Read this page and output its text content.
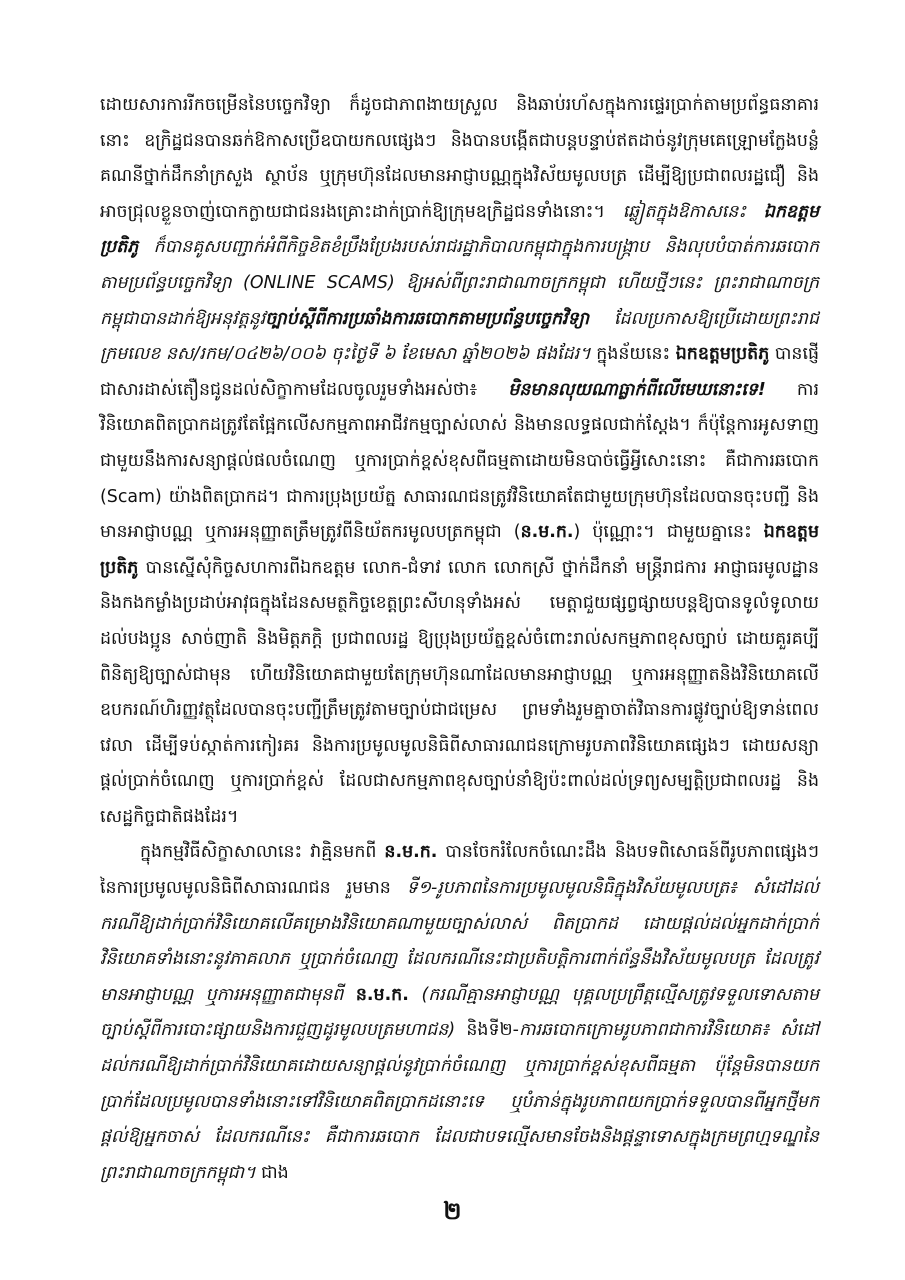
ដោយសារការរីកចម្រើននៃបច្ចេកវិទ្យា ក៏ដូចជាភាពងាយស្រួល និងឆាប់រហ័សក្នុងការផ្ទេរប្រាក់តាមប្រព័ន្ធធនាគារនោះ ឧក្រិដ្ឋជនបានឆក់ឱកាសប្រើឧបាយកលផ្សេងៗ និងបានបង្កើតជាបន្តបន្ទាប់ឥតដាច់នូវក្រុមគេឡ្រោមក្លែងបន្លំគណនីថ្នាក់ដឹកនាំក្រសួង ស្ថាប័ន ឬក្រុមហ៊ុនដែលមានអាជ្ញាបណ្ណក្នុងវិស័យមូលបត្រ ដើម្បីឱ្យប្រជាពលរដ្ឋជឿ និងអាចជ្រុលខ្លួនចាញ់បោកក្លាយជាជនរងគ្រោះដាក់ប្រាក់ឱ្យក្រុមឧក្រិដ្ឋជនទាំងនោះ។ ឆ្លៀតក្នុងឱកាសនេះ ឯកឧត្ដមប្រតិភូ ក៏បានគូសបញ្ជាក់អំពីកិច្ចខិតខំប្រឹងប្រែងរបស់រាជរដ្ឋាភិបាលកម្ពុជាក្នុងការបង្ក្រាប និងលុបបំបាត់ការឆបោកតាមប្រព័ន្ធបច្ចេកវិទ្យា (ONLINE SCAMS) ឱ្យអស់ពីព្រះរាជាណាចក្រកម្ពុជា ហើយថ្មីៗនេះ ព្រះរាជាណាចក្រកម្ពុជាបានដាក់ឱ្យអនុវត្តនូវច្បាប់ស្ដីពីការប្រឆាំងការឆបោកតាមប្រព័ន្ធបច្ចេកវិទ្យា ដែលប្រកាសឱ្យប្រើដោយព្រះរាជក្រមលេខ នស/រកម/០៤២៦/០០៦ ចុះថ្ងៃទី ៦ ខែមេសា ឆ្នាំ២០២៦ ផងដែរ។ ក្នុងន័យនេះ ឯកឧត្ដមប្រតិភូ បានផ្ញើជាសារដាស់តឿនជូនដល់សិក្ខាកាមដែលចូលរួមទាំងអស់ថា៖ មិនមានលុយណាធ្លាក់ពីលើមេឃនោះទេ! ការវិនិយោគពិតប្រាកដត្រូវតែផ្អែកលើសកម្មភាពអាជីវកម្មច្បាស់លាស់ និងមានលទ្ធផលជាក់ស្ដែង។ ក៏ប៉ុន្តែការអូសទាញជាមួយនឹងការសន្យាផ្ដល់ផលចំណេញ ឬការប្រាក់ខ្ពស់ខុសពីធម្មតាដោយមិនបាច់ធ្វើអ្វីសោះនោះ គឺជាការឆបោក (Scam) យ៉ាងពិតប្រាកដ។ ជាការប្រុងប្រយ័ត្ន សាធារណជនត្រូវវិនិយោគតែជាមួយក្រុមហ៊ុនដែលបានចុះបញ្ជី និងមានអាជ្ញាបណ្ណ ឬការអនុញ្ញាតត្រឹមត្រូវពីនិយ័តករមូលបត្រកម្ពុជា (ន.ម.ក.) ប៉ុណ្ណោះ។ ជាមួយគ្នានេះ ឯកឧត្ដមប្រតិភូ បានស្នើសុំកិច្ចសហការពីឯកឧត្ដម លោក-ជំទាវ លោក លោកស្រី ថ្នាក់ដឹកនាំ មន្ត្រីរាជការ អាជ្ញាធរមូលដ្ឋាន និងកងកម្លាំងប្រដាប់អាវុធក្នុងដែនសមត្ថកិច្ចខេត្តព្រះសីហនុទាំងអស់ មេត្តាជួយផ្សព្វផ្សាយបន្តឱ្យបានទូលំទូលាយដល់បងប្អូន សាច់ញាតិ និងមិត្តភក្តិ ប្រជាពលរដ្ឋ ឱ្យប្រុងប្រយ័ត្នខ្ពស់ចំពោះរាល់សកម្មភាពខុសច្បាប់ ដោយគួរគប្បីពិនិត្យឱ្យច្បាស់ជាមុន ហើយវិនិយោគជាមួយតែក្រុមហ៊ុនណាដែលមានអាជ្ញាបណ្ណ ឬការអនុញ្ញាតនិងវិនិយោគលើឧបករណ៍ហិរញ្ញវត្ថុដែលបានចុះបញ្ជីត្រឹមត្រូវតាមច្បាប់ជាជម្រេស ព្រមទាំងរួមគ្នាចាត់វិធានការផ្លូវច្បាប់ឱ្យទាន់ពេលវេលា ដើម្បីទប់ស្កាត់ការកៀរគរ និងការប្រមូលមូលនិធិពីសាធារណជនក្រោមរូបភាពវិនិយោគផ្សេងៗ ដោយសន្យាផ្ដល់ប្រាក់ចំណេញ ឬការប្រាក់ខ្ពស់ ដែលជាសកម្មភាពខុសច្បាប់នាំឱ្យប៉ះពាល់ដល់ទ្រព្យសម្បត្តិប្រជាពលរដ្ឋ និងសេដ្ឋកិច្ចជាតិផងដែរ។

ក្នុងកម្មវិធីសិក្ខាសាលានេះ វាគ្មិនមកពី ន.ម.ក. បានចែករំលែកចំណេះដឹង និងបទពិសោធន៍ពីរូបភាពផ្សេងៗនៃការប្រមូលមូលនិធិពីសាធារណជន រួមមាន ទី១-រូបភាពនៃការប្រមូលមូលនិធិក្នុងវិស័យមូលបត្រ៖ សំដៅដល់ករណីឱ្យដាក់ប្រាក់វិនិយោគលើគម្រោងវិនិយោគណាមួយច្បាស់លាស់ ពិតប្រាកដ ដោយផ្ដល់ដល់អ្នកដាក់ប្រាក់វិនិយោគទាំងនោះនូវភាគលាភ ឬប្រាក់ចំណេញ ដែលករណីនេះជាប្រតិបត្តិការពាក់ព័ន្ធនឹងវិស័យមូលបត្រ ដែលត្រូវមានអាជ្ញាបណ្ណ ឬការអនុញ្ញាតជាមុនពី ន.ម.ក. (ករណីគ្មានអាជ្ញាបណ្ណ បុគ្គលប្រព្រឹត្តល្មើសត្រូវទទួលទោសតាមច្បាប់ស្ដីពីការបោះផ្សាយនិងការជួញដូរមូលបត្រមហាជន) និងទី២-ការឆបោកក្រោមរូបភាពជាការវិនិយោគ៖ សំដៅដល់ករណីឱ្យដាក់ប្រាក់វិនិយោគដោយសន្យាផ្ដល់នូវប្រាក់ចំណេញ ឬការប្រាក់ខ្ពស់ខុសពីធម្មតា ប៉ុន្តែមិនបានយកប្រាក់ដែលប្រមូលបានទាំងនោះទៅវិនិយោគពិតប្រាកដនោះទេ ឬបំភាន់ក្នុងរូបភាពយកប្រាក់ទទួលបានពីអ្នកថ្មីមកផ្ដល់ឱ្យអ្នកចាស់ ដែលករណីនេះ គឺជាការឆបោក ដែលជាបទល្មើសមានចែងនិងផ្ដន្ទាទោសក្នុងក្រមព្រហ្មទណ្ឌនៃព្រះរាជាណាចក្រកម្ពុជា។ ជាង

២
